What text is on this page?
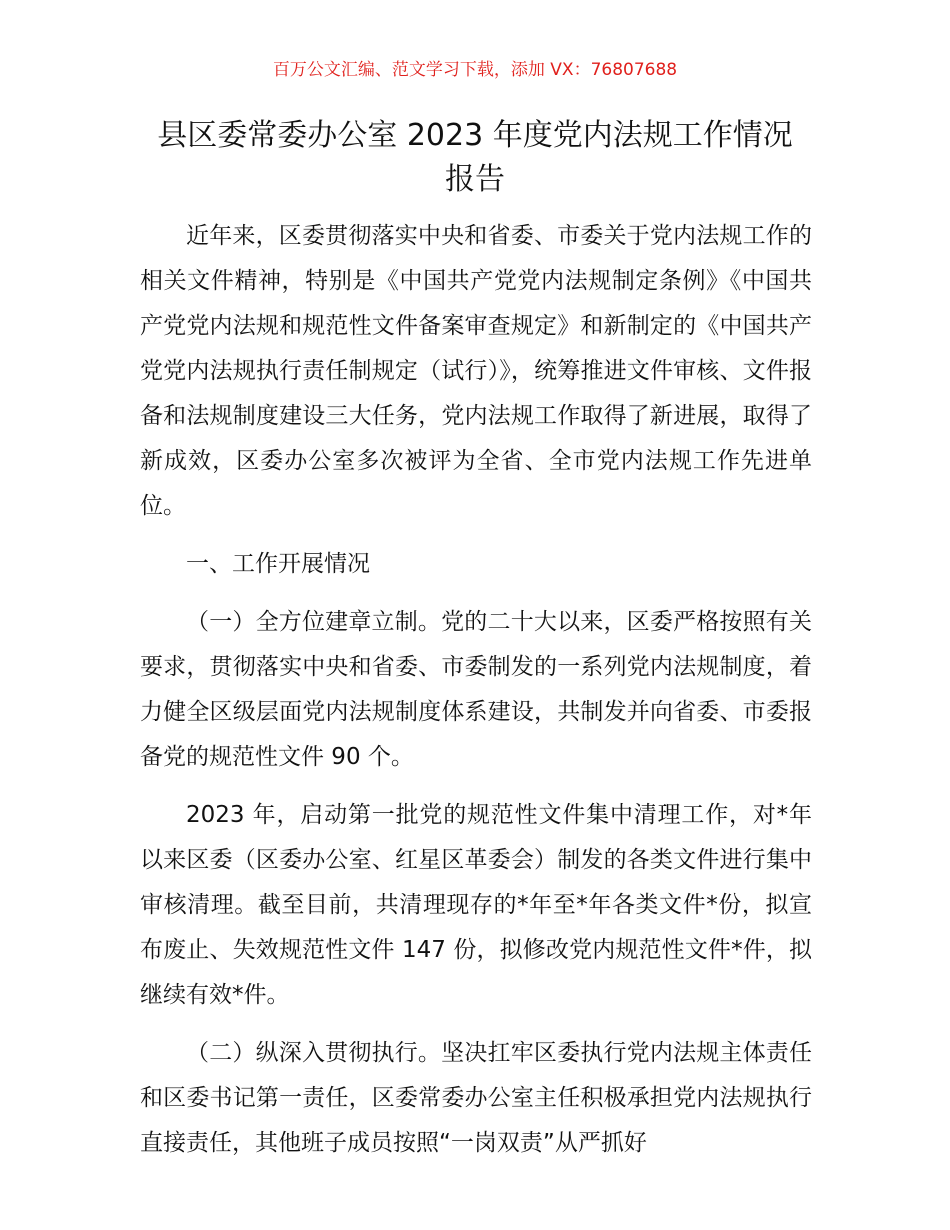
百万公文汇编、范文学习下载，添加 VX：76807688
县区委常委办公室 2023 年度党内法规工作情况
报告

近年来，区委贯彻落实中央和省委、市委关于党内法规工作的相关文件精神，特别是《中国共产党党内法规制定条例》《中国共产党党内法规和规范性文件备案审查规定》和新制定的《中国共产党党内法规执行责任制规定（试行）》，统筹推进文件审核、文件报备和法规制度建设三大任务，党内法规工作取得了新进展，取得了新成效，区委办公室多次被评为全省、全市党内法规工作先进单位。

一、工作开展情况

（一）全方位建章立制。党的二十大以来，区委严格按照有关要求，贯彻落实中央和省委、市委制发的一系列党内法规制度，着力健全区级层面党内法规制度体系建设，共制发并向省委、市委报备党的规范性文件 90 个。

2023 年，启动第一批党的规范性文件集中清理工作，对*年以来区委（区委办公室、红星区革委会）制发的各类文件进行集中审核清理。截至目前，共清理现存的*年至*年各类文件*份，拟宣布废止、失效规范性文件 147 份，拟修改党内规范性文件*件，拟继续有效*件。

（二）纵深入贯彻执行。坚决扛牢区委执行党内法规主体责任和区委书记第一责任，区委常委办公室主任积极承担党内法规执行直接责任，其他班子成员按照“一岗双责”从严抓好
